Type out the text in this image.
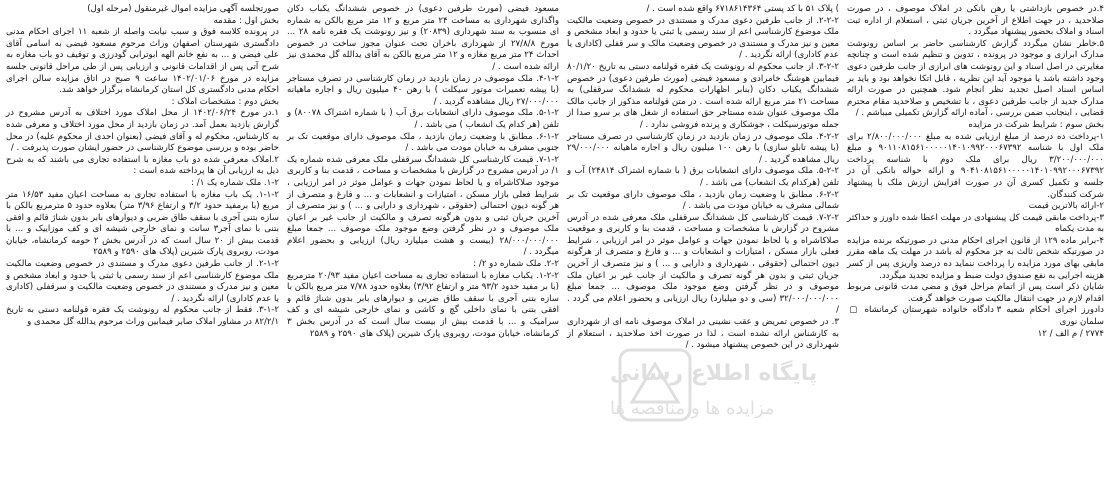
صورتجلسه آگهی مزایده اموال غیرمنقول (مرحله اول)
بخش اول : مقدمه
در پرونده کلاسه فوق و سبب نیابت واصله از شعبه ۱۱ اجرای احکام مدنی دادگستری شهرستان اصفهان وراث مرحوم مسعود فیضی به اسامی آقای علی فیضی و ... به نفع خانم الهه ابوترابی گودرزی و توقیف دو باب مغازه به شرح آتی پس از اقدامات قانونی و ارزیابی پس از طی مراحل قانونی جلسه مزایده در مورخ ۱۴۰۲/۰۱/۰۶ ساعت ۹ صبح در اتاق مزایده سالن اجرای احکام مدنی دادگستری کل استان کرمانشاه برگزار خواهد شد.
بخش دوم : مشخصات املاک :
۱.در مورخ ۱۴۰۲/۰۶/۲۴ از محل املاک مورد اختلاف به آدرس مشروح در گزارش بازدید بعمل آمد. در زمان بازدید از محل مورد اختلاف و معرفی شده به کارشناس، محکوم له و آقای فیضی (بعنوان احدی از محکوم علیه) در محل حاضر بوده و بررسی موضوع کارشناسی در حضور ایشان صورت پذیرفت . /
۲.املاک معرفی شده دو باب مغازه با استفاده تجاری می باشند که به شرح ذیل به ارزیابی آن ها پرداخته شده است :
۱-۲. ملک شماره یک ۱/ :
۱-۱-۲. یک باب مغازه با استفاده تجاری به مساحت اعیان مفید ۱۶/۵۳ متر مربع (با برمفید حدود ۳/۲ و ارتفاع ۳/۹۶ متر) بعلاوه حدود ۵ مترمربع بالکن با سازه بتنی آجری با سقف طاق ضربی و دیوارهای بابر بدون شناژ قائم و افقی بتنی با نمای آجر۳ سانت و نمای خارجی شیشه ای و کف موزاییک و ... با قدمت بیش از ۲۰ سال است که در آدرس بخش ۲ حومه کرمانشاه، خیابان مودت، روبروی پارک شیرین (پلاک های ۲۵۹۰ و ۲۵۸۹
۲-۱-۲. از جانب طرفین دعوی مدرک و مستندی در خصوص وضعیت مالکیت ملک موضوع کارشناسی اعم از سند رسمی یا ثبتی یا حدود و ابعاد مشخص و معین و نیز مدرک و مستندی در خصوص وضعیت مالکیت و سرقفلی (کاداری یا عدم کاداری) ارائه نگردید . /
۳-۱-۲. فقط از جانب محکوم له رونوشت یک فقره قولنامه دستی به تاریخ ۸۲/۲/۱ در مشاور املاک صابر فیمابین وراث مرحوم یدالله گل محمدی و

مسعود فیضی (مورث طرفین دعوی) در خصوص ششدانگ یکباب دکان واگذاری شهرداری به مساحت ۲۴ متر مربع و ۱۲ متر مربع بالکن به شماره ای منسوب به سند شهرداری (۲۰۸۳۹) و نیز رونوشت یک فقره نامه ۲۸ ... مورخ ۲۷/۸/۸ از شهرداری باخران تحت عنوان مجوز ساخت در خصوص احداث ۲۴ متر مربع مغازه و ۱۲ متر مربع بالکن به آقای یدالله گل محمدی نیز ارائه شده است . /
۴-۱-۲. ملک موصوف در زمان بازدید در زمان کارشناسی در تصرف مستاجر (با پیشه تعمیرات موتور سیکلت ) با رهن ۴۰ میلیون ریال و اجاره ماهیانه ۲۷/۰۰۰/۰۰۰ ریال مشاهده گردید . /
۵-۱-۲. ملک موصوف دارای انشعابات برق آب ( با شماره اشتراک ۸۰۰۷۸) و تلفن (هر کدام یک انشعاب ) می باشد . /
۶-۱-۲. مطابق با وضعیت زمان بازدید ، ملک موصوف دارای موقعیت تک بر جنوبی مشرف به خیابان مودت می باشد . /
۷-۱-۲. قیمت کارشناسی کل ششدانگ سرقفلی ملک معرفی شده شماره یک ۱/ در آدرس مشروح در گزارش با مشخصات و مساحت ، قدمت بنا و کاربری موجود صلاکاشراه و یا لحاظ نمودن جهات و عوامل موثر در امر ارزیابی ، شرایط فعلی بازار مسکن ، امتیازات و انشعابات و ... و فارغ و متصرف از هر گونه دیون احتمالی (حقوقی ، شهرداری و دارایی و ... ) و نیز متصرف از آخرین جریان ثبتی و بدون هرگونه تصرف و مالکیت از جانب غیر بر اعیان ملک موصوف و در نظر گرفتن وضع موجود ملک موصوف ... جمعا مبلغ ۲۸/۰۰۰/۰۰۰/۰۰۰ (بیست و هشت میلیارد ریال) ارزیابی و بحضور اعلام میگردد . /
۲-۲. ملک شماره دو ۲/ :
۱-۲-۲. یکباب مغازه با استفاده تجاری به مساحت اعیان مفید ۲۰/۹۳ مترمربع (با بر مفید حدود ۹۳/۲ متر و ارتفاع ۳/۹۲) بعلاوه حدود ۷/۷۸ متر مربع بالکن با سازه بتنی آجری با سقف طاق ضربی و دیوارهای بابر بدون شناژ قائم و افقی بتنی با نمای داخلی گچ و کاشی و نمای خارجی شیشه ای و کف سرامیک و ... با قدمت بیش از بیست سال است که در آدرس بخش ۳ کرمانشاه، خیابان مودت، روبروی پارک شیرین (پلاک های ۲۵۹۰ و ۲۵۸۹

) پلاک ۵۱ با کد پستی ۶۷۱۸۶۱۴۳۶۴ واقع شده است . /
۲-۲-۲. از جانب طرفین دعوی مدرک و مستندی در خصوص وضعیت مالکیت ملک موضوع کارشناسی اعم از سند رسمی یا ثبتی یا حدود و ابعاد مشخص و معین و نیز مدرک و مستندی در خصوص وضعیت مالک و سر قفلی (کاداری یا عدم کاداری) ارائه نگردید . /
۳-۲-۲. از جانب محکوم له رونوشت یک فقره قولنامه دستی به تاریخ ۸۰/۱/۲۰ فیمابین هوشنگ خامرادی و مسعود فیضی (مورث طرفین دعوی) در خصوص ششدانگ یکباب دکان (بنابر اظهارات محکوم له ششدانگ سرقفلی) به مساحت ۲۱ متر مربع ارائه شده است . در متن قولنامه مذکور از جانب مالک ملک موصوف عنوان شده مستاجر حق استفاده از شغل های بر سرو صدا از جمله موتورسیکلت ، جوشکاری و پرنده فروشی ندارد . /
۴-۲-۲. ملک موصوف در زمان بازدید در زمان کارشناسی در تصرف مستاجر (با پیشه تابلو سازی) با رهن ۱۰۰ میلیون ریال و اجاره ماهیانه ۲۹/۰۰۰/۰۰۰ ریال مشاهده گردید . /
۵-۲-۲. ملک موصوف دارای انشعابات برق ( با شماره اشتراک ۲۴۸۱۴) آب و تلفن (هرکدام یک انشعاب) می باشد . /
۶-۲-۲. مطابق با وضعیت زمان بازدید ، ملک موصوف دارای موقعیت تک بر شمالی مشرف به خیابان مودت می باشد . /
۷-۲-۲. قیمت کارشناسی کل ششدانگ سرقفلی ملک معرفی شده در آدرس مشروح در گزارش با مشخصات و مساحت ، قدمت بنا و کاربری و موقعیت صلاکاشراه و یا لحاظ نمودن جهات و عوامل موثر در امر ارزیابی ، شرایط فعلی بازار مسکن ، امتیازات و انشعابات و ... و فارغ و متصرف از هرگونه دیون احتمالی (حقوقی ، شهرداری و دارایی و ... ) و نیز متصرف از آخرین جریان ثبتی و بدون هر گونه تصرف و مالکیت از جانب غیر بر اعیان ملک موصوف و در نظر گرفتن وضع موجود ملک موصوف ... جمعا مبلغ ۳۲/۰۰۰/۰۰۰/۰۰۰ (سی و دو میلیارد) ریال ارزیابی و بحضور اعلام می گردد . /
۳. در خصوص تمریض و عقب نشینی در املاک موصوف نامه ای از شهرداری به کارشناس ارائه نشده است ، لذا در صورت اخذ صلاحدید ، استعلام از شهرداری در این خصوص پیشنهاد میشود . /

۴.در خصوص بازداشتی یا رهن بانکی در املاک موصوف ، در صورت صلاحدید ، در جهت اطلاع از آخرین جریان ثبتی ، استعلام از اداره ثبت اسناد و املاک بحضور پیشنهاد میگردد .
۵.خاطر نشان میگردد گزارش کارشناسی حاضر بر اساس رونوشت مدارک ابرازی و موجود در پرونده ، تدوین و تنظیم شده است و چنانچه مغایرتی در اصل اسناد و این رونوشت های ابرازی از جانب طرفین دعوی وجود داشته باشد یا موجود آید این نظریه ، قابل اتکا نخواهد بود و باید بر اساس اسناد اصیل تجدید نظر انجام شود. همچنین در صورت ارائه مدارک جدید از جانب طرفین دعوی ، با تشخیص و صلاحدید مقام محترم قضایی ، اینجانب ضمن بررسی ، آماده ارائه گزارش تکمیلی میباشم . /
بخش سوم : شرایط شرکت در مزایده
۱-پرداخت ده درصد از مبلغ ارزیابی شده به مبلغ ۲/۸۰۰/۰۰۰/۰۰۰ برای ملک اول با شناسه ۹۰۱۱۰۸۱۵۶۱۰۰۰۰۰۱۴۰۱۰۹۹۲۰۰۰۶۷۳۹۲ و مبلغ ۳/۲۰۰/۰۰۰/۰۰۰ ریال برای ملک دوم با شناسه پرداخت ۹۰۴۱۰۸۱۵۶۱۰۰۰۰۰۱۴۰۱۰۹۹۲۰۰۰۶۷۳۹۲ و ارائه حواله بانکی آن در جلسه و تکمیل کسری آن در صورت افزایش ارزش ملک با پیشنهاد شرکت کنندگان.
۲-ارائه بالاترین قیمت
۳-پرداخت مابقی قیمت کل پیشنهادی در مهلت اعطا شده داورز و حداکثر به مدت یکماه
۴-برابر ماده ۱۲۹ از قانون اجرای احکام مدنی در صورتیکه برنده مزایده در صورتیکه شخص ثالث به جز محکوم له باشد در مهلت یک ماهه مقرر مابقی بهای مورد مزایده را پرداخت ننماید ده درصد واریزی پس از کسر هزینه اجرایی به نفع صندوق دولت ضبط و مزایده تجدید میگردد.
شایان ذکر است پس از اتمام مراحل فوق و مضی مدت قانونی مربوط اقدام لازم در جهت انتقال مالکیت صورت خواهد گرفت.
دادورز اجرای احکام شعبه ۳ دادگاه خانواده شهرستان کرمانشاه ▢ سلمان نوری
۲۷۷۴ / م الف / ۱۲

پایگاه اطلاع رسانی
مزایده ها و مناقصه ها
